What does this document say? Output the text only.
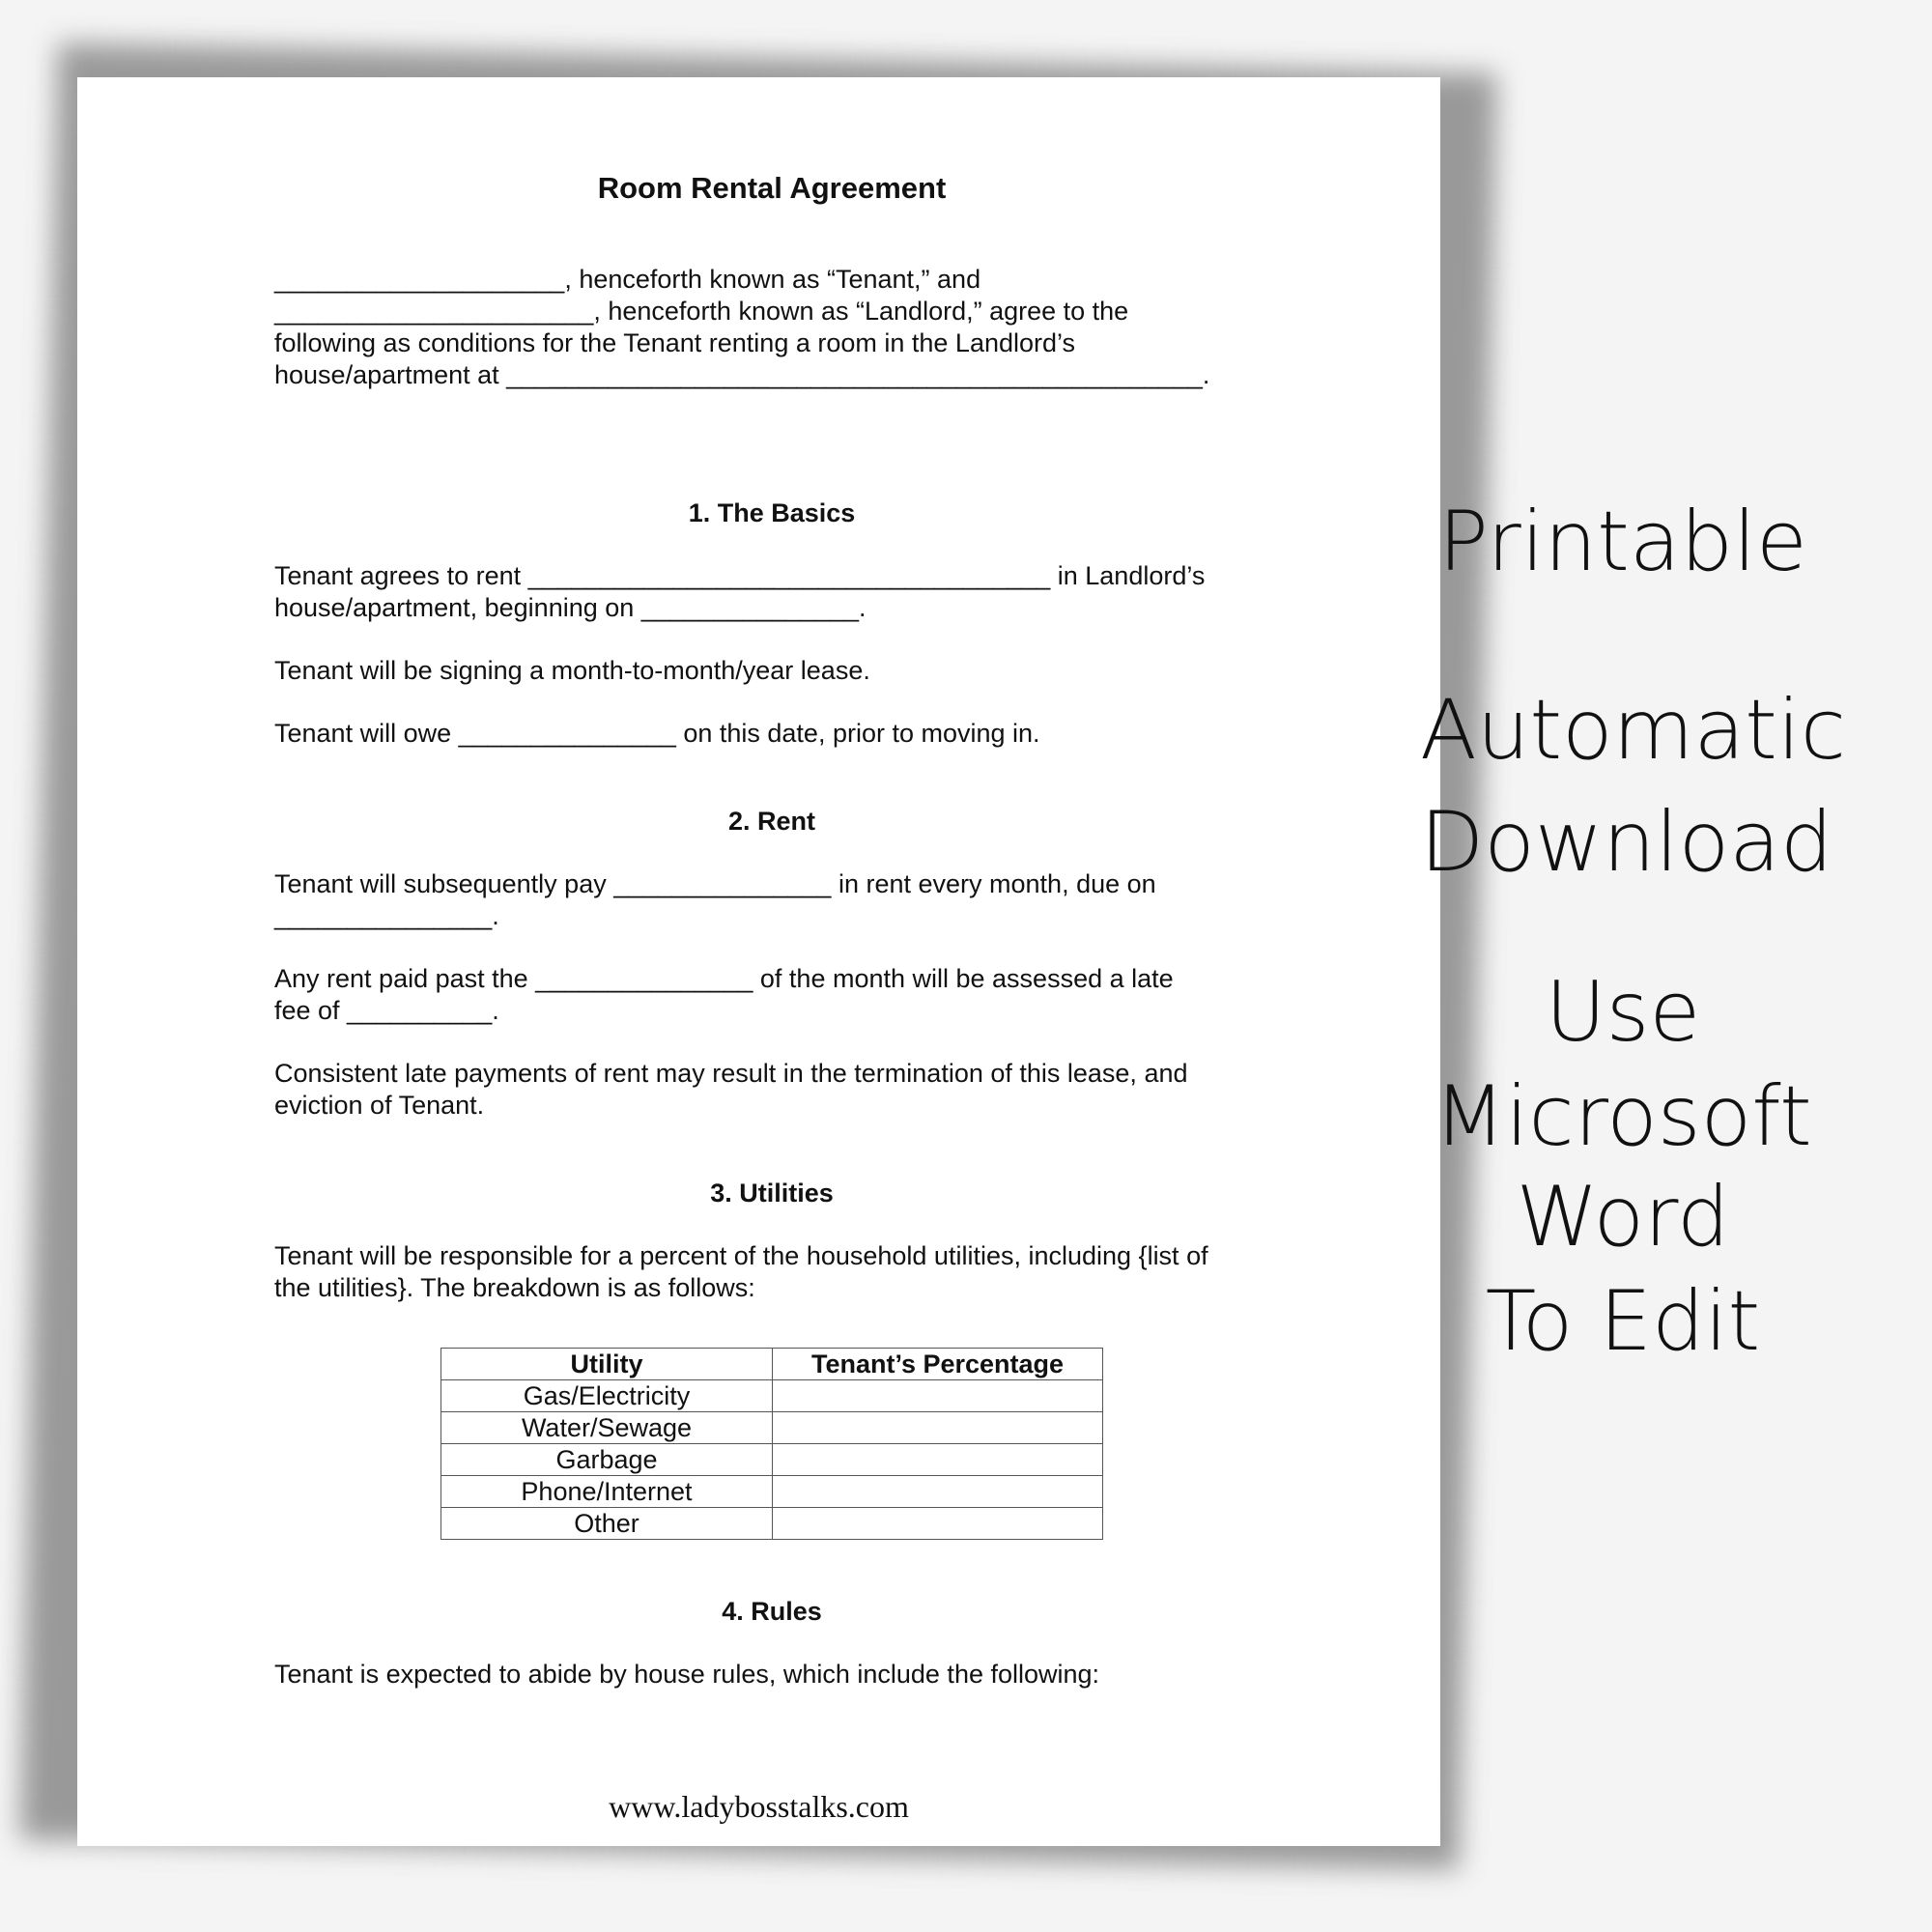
Room Rental Agreement

____________________, henceforth known as “Tenant,” and
______________________, henceforth known as “Landlord,” agree to the
following as conditions for the Tenant renting a room in the Landlord’s
house/apartment at ________________________________________________.

1. The Basics

Tenant agrees to rent ____________________________________ in Landlord’s
house/apartment, beginning on _______________.

Tenant will be signing a month-to-month/year lease.

Tenant will owe _______________ on this date, prior to moving in.

2. Rent

Tenant will subsequently pay _______________ in rent every month, due on
_______________.

Any rent paid past the _______________ of the month will be assessed a late
fee of __________.

Consistent late payments of rent may result in the termination of this lease, and
eviction of Tenant.

3. Utilities

Tenant will be responsible for a percent of the household utilities, including {list of
the utilities}. The breakdown is as follows:

Utility	Tenant’s Percentage
Gas/Electricity	
Water/Sewage	
Garbage	
Phone/Internet	
Other	
4. Rules

Tenant is expected to abide by house rules, which include the following:

www.ladybosstalks.com
Printable
Automatic
Download
Use
Microsoft
Word
To Edit
